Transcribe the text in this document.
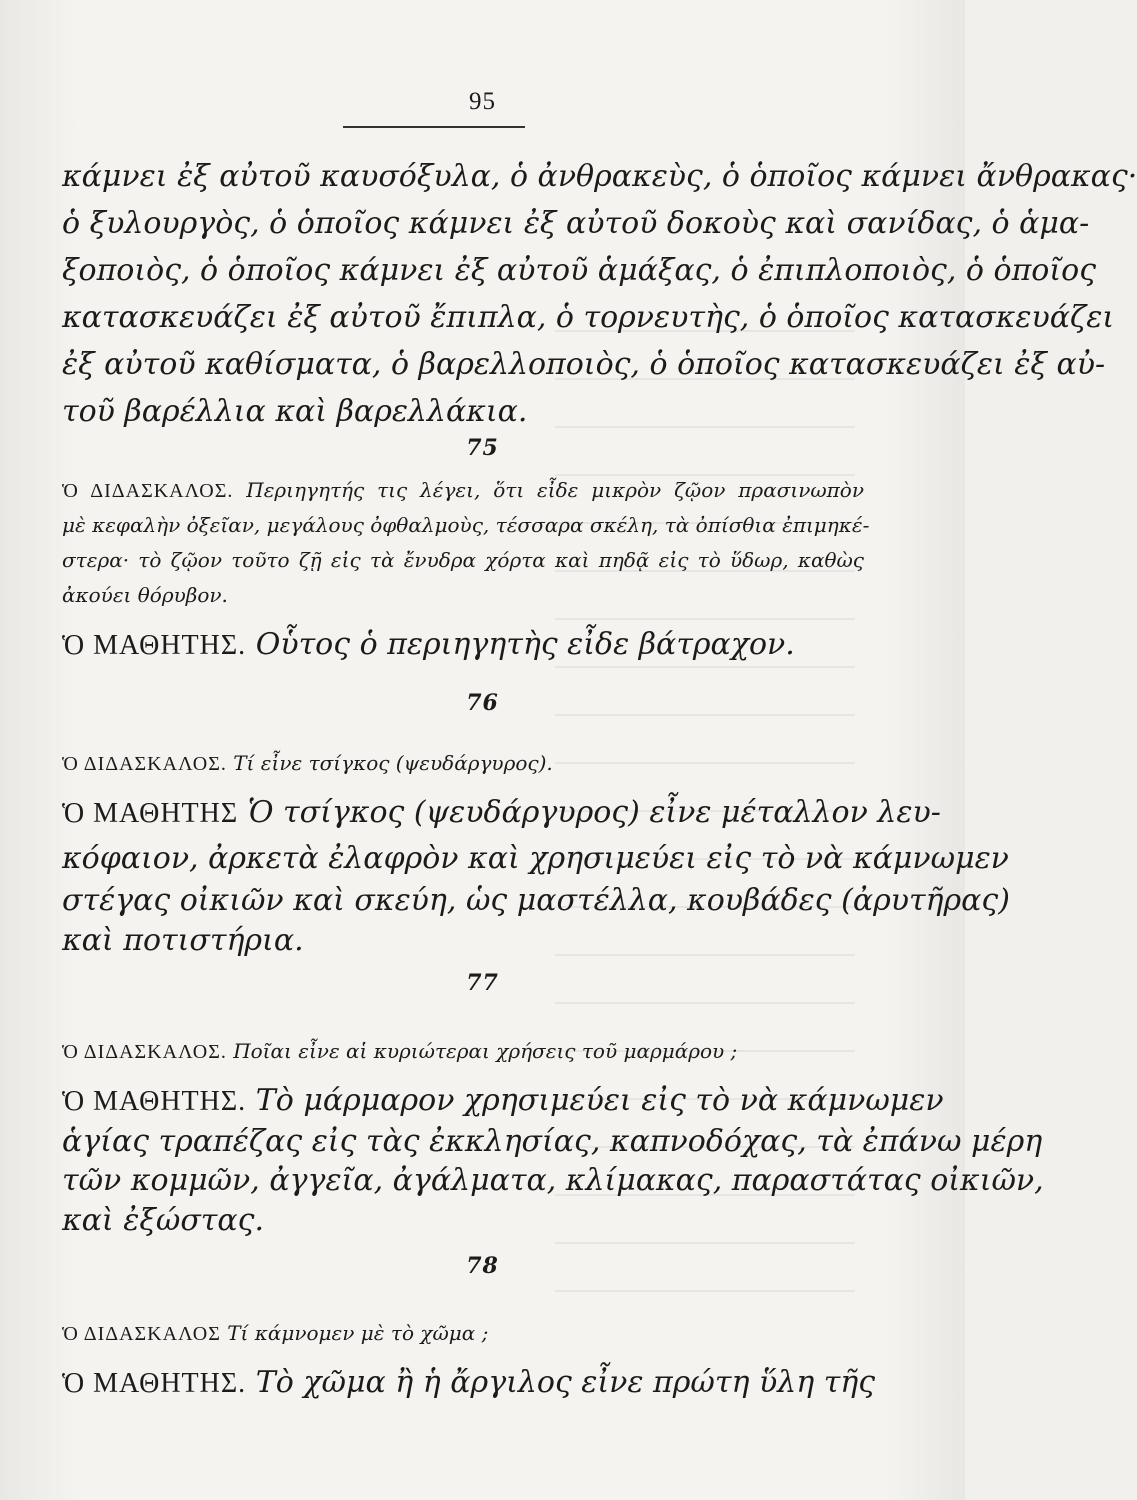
95
κάμνει ἐξ αὐτοῦ καυσόξυλα, ὁ ἀνθρακεὺς, ὁ ὁποῖος κάμνει ἄνθρακας·
ὁ ξυλουργὸς, ὁ ὁποῖος κάμνει ἐξ αὐτοῦ δοκοὺς καὶ σανίδας, ὁ ἁμα-
ξοποιὸς, ὁ ὁποῖος κάμνει ἐξ αὐτοῦ ἁμάξας, ὁ ἐπιπλοποιὸς, ὁ ὁποῖος
κατασκευάζει ἐξ αὐτοῦ ἔπιπλα, ὁ τορνευτὴς, ὁ ὁποῖος κατασκευάζει
ἐξ αὐτοῦ καθίσματα, ὁ βαρελλοποιὸς, ὁ ὁποῖος κατασκευάζει ἐξ αὐ-
τοῦ βαρέλλια καὶ βαρελλάκια.
75
Ὁ ΔΙΔΑΣΚΑΛΟΣ. Περιηγητής τις λέγει, ὅτι εἶδε μικρὸν ζῷον πρασινωπὸν
μὲ κεφαλὴν ὀξεῖαν, μεγάλους ὀφθαλμοὺς, τέσσαρα σκέλη, τὰ ὀπίσθια ἐπιμηκέ-
στερα· τὸ ζῷον τοῦτο ζῇ εἰς τὰ ἔνυδρα χόρτα καὶ πηδᾷ εἰς τὸ ὕδωρ, καθὼς
ἀκούει θόρυβον.
Ὁ ΜΑΘΗΤΗΣ. Οὗτος ὁ περιηγητὴς εἶδε βάτραχον.
76
Ὁ ΔΙΔΑΣΚΑΛΟΣ. Τί εἶνε τσίγκος (ψευδάργυρος).
Ὁ ΜΑΘΗΤΗΣ Ὁ τσίγκος (ψευδάργυρος) εἶνε μέταλλον λευ-
κόφαιον, ἀρκετὰ ἐλαφρὸν καὶ χρησιμεύει εἰς τὸ νὰ κάμνωμεν
στέγας οἰκιῶν καὶ σκεύη, ὡς μαστέλλα, κουβάδες (ἀρυτῆρας)
καὶ ποτιστήρια.
77
Ὁ ΔΙΔΑΣΚΑΛΟΣ. Ποῖαι εἶνε αἱ κυριώτεραι χρήσεις τοῦ μαρμάρου ;
Ὁ ΜΑΘΗΤΗΣ. Τὸ μάρμαρον χρησιμεύει εἰς τὸ νὰ κάμνωμεν
ἁγίας τραπέζας εἰς τὰς ἐκκλησίας, καπνοδόχας, τὰ ἐπάνω μέρη
τῶν κομμῶν, ἀγγεῖα, ἀγάλματα, κλίμακας, παραστάτας οἰκιῶν,
καὶ ἐξώστας.
78
Ὁ ΔΙΔΑΣΚΑΛΟΣ Τί κάμνομεν μὲ τὸ χῶμα ;
Ὁ ΜΑΘΗΤΗΣ. Τὸ χῶμα ἢ ἡ ἄργιλος εἶνε πρώτη ὕλη τῆς
